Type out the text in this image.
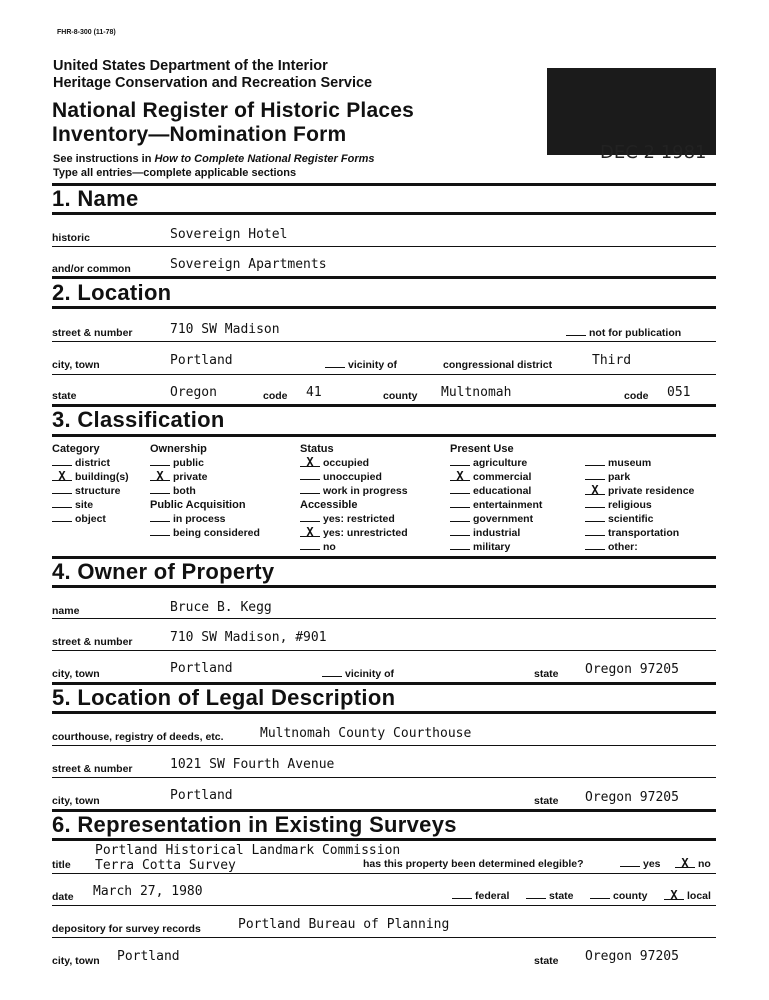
FHR-8-300 (11-78)
United States Department of the Interior
Heritage Conservation and Recreation Service
National Register of Historic Places
Inventory—Nomination Form
See instructions in How to Complete National Register Forms
Type all entries—complete applicable sections
DEC 2 1981
1. Name
historic	Sovereign Hotel
and/or common	Sovereign Apartments
2. Location
street & number	710 SW Madison	not for publication
city, town	Portland	vicinity of	congressional district	Third
state	Oregon	code 41	county Multnomah	code 051
3. Classification
Category
district
X building(s)
structure
site
object
Ownership
public
X private
both
Public Acquisition
in process
being considered
Status
X occupied
unoccupied
work in progress
Accessible
yes: restricted
X yes: unrestricted
no
Present Use
agriculture
X commercial
educational
entertainment
government
industrial
military
museum
park
X private residence
religious
scientific
transportation
other:
4. Owner of Property
name	Bruce B. Kegg
street & number	710 SW Madison, #901
city, town	Portland	vicinity of	state Oregon 97205
5. Location of Legal Description
courthouse, registry of deeds, etc.	Multnomah County Courthouse
street & number	1021 SW Fourth Avenue
city, town	Portland	state Oregon 97205
6. Representation in Existing Surveys
Portland Historical Landmark Commission
title Terra Cotta Survey	has this property been determined elegible?	yes	X no
date March 27, 1980	federal	state	county	X local
depository for survey records	Portland Bureau of Planning
city, town Portland	state Oregon 97205
